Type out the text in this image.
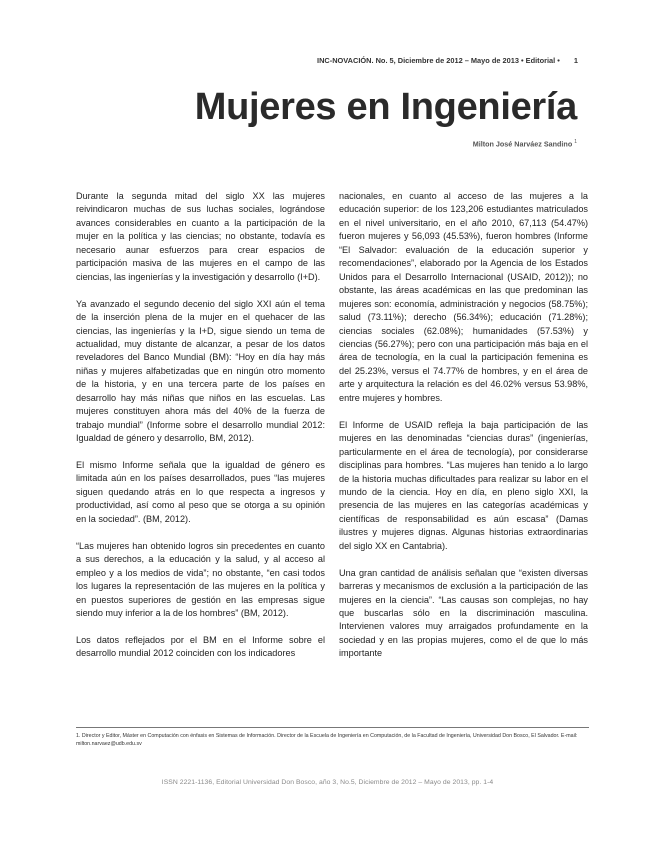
INC-NOVACIÓN. No. 5, Diciembre de 2012 – Mayo de 2013 • Editorial • 1
Mujeres en Ingeniería
Milton José Narváez Sandino $^1$

Durante la segunda mitad del siglo XX las mujeres reivindicaron muchas de sus luchas sociales, lográndose avances considerables en cuanto a la participación de la mujer en la política y las ciencias; no obstante, todavía es necesario aunar esfuerzos para crear espacios de participación masiva de las mujeres en el campo de las ciencias, las ingenierías y la investigación y desarrollo (I+D).

Ya avanzado el segundo decenio del siglo XXI aún el tema de la inserción plena de la mujer en el quehacer de las ciencias, las ingenierías y la I+D, sigue siendo un tema de actualidad, muy distante de alcanzar, a pesar de los datos reveladores del Banco Mundial (BM): “Hoy en día hay más niñas y mujeres alfabetizadas que en ningún otro momento de la historia, y en una tercera parte de los países en desarrollo hay más niñas que niños en las escuelas. Las mujeres constituyen ahora más del 40% de la fuerza de trabajo mundial” (Informe sobre el desarrollo mundial 2012: Igualdad de género y desarrollo, BM, 2012).

El mismo Informe señala que la igualdad de género es limitada aún en los países desarrollados, pues “las mujeres siguen quedando atrás en lo que respecta a ingresos y productividad, así como al peso que se otorga a su opinión en la sociedad”. (BM, 2012).

“Las mujeres han obtenido logros sin precedentes en cuanto a sus derechos, a la educación y la salud, y al acceso al empleo y a los medios de vida”; no obstante, “en casi todos los lugares la representación de las mujeres en la política y en puestos superiores de gestión en las empresas sigue siendo muy inferior a la de los hombres” (BM, 2012).

Los datos reflejados por el BM en el Informe sobre el desarrollo mundial 2012 coinciden con los indicadores

nacionales, en cuanto al acceso de las mujeres a la educación superior: de los 123,206 estudiantes matriculados en el nivel universitario, en el año 2010, 67,113 (54.47%) fueron mujeres y 56,093 (45.53%), fueron hombres (Informe “El Salvador: evaluación de la educación superior y recomendaciones”, elaborado por la Agencia de los Estados Unidos para el Desarrollo Internacional (USAID, 2012)); no obstante, las áreas académicas en las que predominan las mujeres son: economía, administración y negocios (58.75%); salud (73.11%); derecho (56.34%); educación (71.28%); ciencias sociales (62.08%); humanidades (57.53%) y ciencias (56.27%); pero con una participación más baja en el área de tecnología, en la cual la participación femenina es del 25.23%, versus el 74.77% de hombres, y en el área de arte y arquitectura la relación es del 46.02% versus 53.98%, entre mujeres y hombres.

El Informe de USAID refleja la baja participación de las mujeres en las denominadas “ciencias duras” (ingenierías, particularmente en el área de tecnología), por considerarse disciplinas para hombres. “Las mujeres han tenido a lo largo de la historia muchas dificultades para realizar su labor en el mundo de la ciencia. Hoy en día, en pleno siglo XXI, la presencia de las mujeres en las categorías académicas y científicas de responsabilidad es aún escasa” (Damas ilustres y mujeres dignas. Algunas historias extraordinarias del siglo XX en Cantabria).

Una gran cantidad de análisis señalan que “existen diversas barreras y mecanismos de exclusión a la participación de las mujeres en la ciencia”. “Las causas son complejas, no hay que buscarlas sólo en la discriminación masculina. Intervienen valores muy arraigados profundamente en la sociedad y en las propias mujeres, como el de que lo más importante

1. Director y Editor, Máster en Computación con énfasis en Sistemas de Información. Director de la Escuela de Ingeniería en Computación, de la Facultad de Ingeniería, Universidad Don Bosco, El Salvador. E-mail: milton.narvaez@udb.edu.sv
ISSN 2221-1136, Editorial Universidad Don Bosco, año 3, No.5, Diciembre de 2012 – Mayo de 2013, pp. 1-4
